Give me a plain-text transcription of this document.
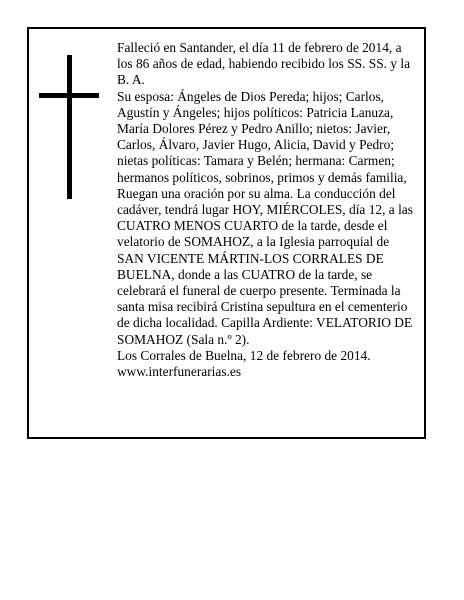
Falleció en Santander, el día 11 de febrero de 2014, a los 86 años de edad, habiendo recibido los SS. SS. y la B. A.

Su esposa: Ángeles de Dios Pereda; hijos; Carlos, Agustín y Ángeles; hijos políticos: Patricia Lanuza, María Dolores Pérez y Pedro Anillo; nietos: Javier, Carlos, Álvaro, Javier Hugo, Alicia, David y Pedro; nietas políticas: Tamara y Belén; hermana: Carmen; hermanos políticos, sobrinos, primos y demás familia, Ruegan una oración por su alma. La conducción del cadáver, tendrá lugar HOY, MIÉRCOLES, día 12, a las CUATRO MENOS CUARTO de la tarde, desde el velatorio de SOMAHOZ, a la Iglesia parroquial de SAN VICENTE MÁRTIN-LOS CORRALES DE BUELNA, donde a las CUATRO de la tarde, se celebrará el funeral de cuerpo presente. Terminada la santa misa recibirá Cristina sepultura en el cementerio de dicha localidad. Capilla Ardiente: VELATORIO DE SOMAHOZ (Sala n.º 2).

Los Corrales de Buelna, 12 de febrero de 2014.

www.interfunerarias.es
